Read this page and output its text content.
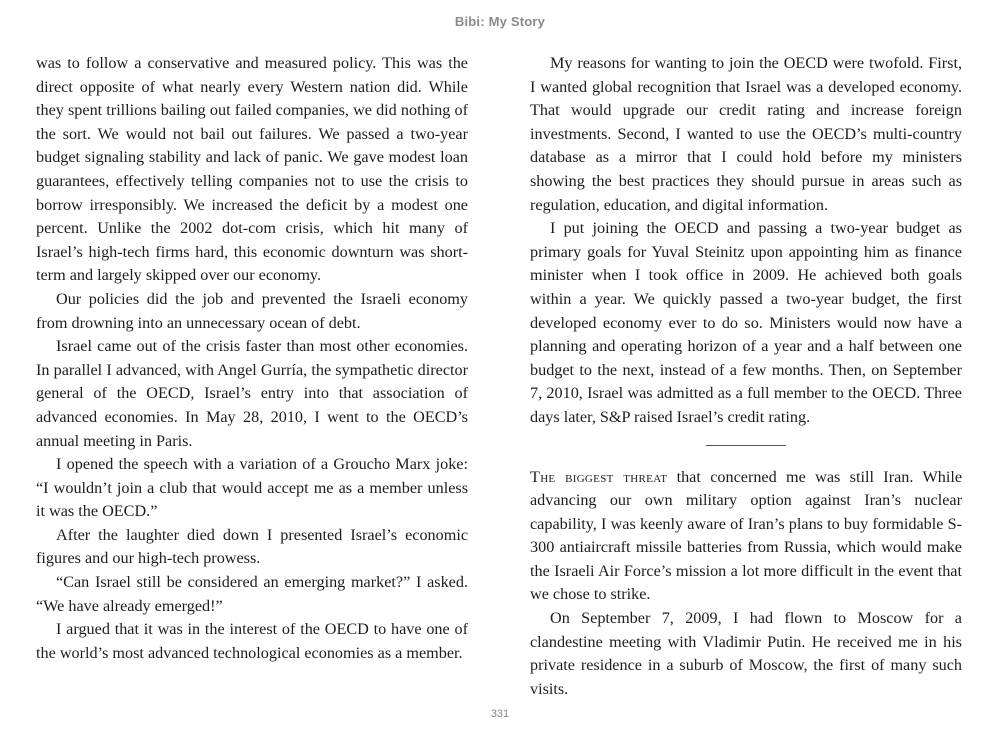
Bibi: My Story

was to follow a conservative and measured policy. This was the direct opposite of what nearly every Western nation did. While they spent trillions bailing out failed companies, we did nothing of the sort. We would not bail out failures. We passed a two-year budget signaling stability and lack of panic. We gave modest loan guarantees, effectively telling companies not to use the crisis to borrow irresponsibly. We increased the deficit by a modest one percent. Unlike the 2002 dot-com crisis, which hit many of Israel’s high-tech firms hard, this economic downturn was short-term and largely skipped over our economy.

Our policies did the job and prevented the Israeli economy from drowning into an unnecessary ocean of debt.

Israel came out of the crisis faster than most other economies. In parallel I advanced, with Angel Gurría, the sympathetic director general of the OECD, Israel’s entry into that association of advanced economies. In May 28, 2010, I went to the OECD’s annual meeting in Paris.

I opened the speech with a variation of a Groucho Marx joke: “I wouldn’t join a club that would accept me as a member unless it was the OECD.”

After the laughter died down I presented Israel’s economic figures and our high-tech prowess.

“Can Israel still be considered an emerging market?” I asked. “We have already emerged!”

I argued that it was in the interest of the OECD to have one of the world’s most advanced technological economies as a member.

My reasons for wanting to join the OECD were twofold. First, I wanted global recognition that Israel was a developed economy. That would upgrade our credit rating and increase foreign investments. Second, I wanted to use the OECD’s multi-country database as a mirror that I could hold before my ministers showing the best practices they should pursue in areas such as regulation, education, and digital information.

I put joining the OECD and passing a two-year budget as primary goals for Yuval Steinitz upon appointing him as finance minister when I took office in 2009. He achieved both goals within a year. We quickly passed a two-year budget, the first developed economy ever to do so. Ministers would now have a planning and operating horizon of a year and a half between one budget to the next, instead of a few months. Then, on September 7, 2010, Israel was admitted as a full member to the OECD. Three days later, S&P raised Israel’s credit rating.

The biggest threat that concerned me was still Iran. While advancing our own military option against Iran’s nuclear capability, I was keenly aware of Iran’s plans to buy formidable S-300 antiaircraft missile batteries from Russia, which would make the Israeli Air Force’s mission a lot more difficult in the event that we chose to strike.

On September 7, 2009, I had flown to Moscow for a clandestine meeting with Vladimir Putin. He received me in his private residence in a suburb of Moscow, the first of many such visits.

331
